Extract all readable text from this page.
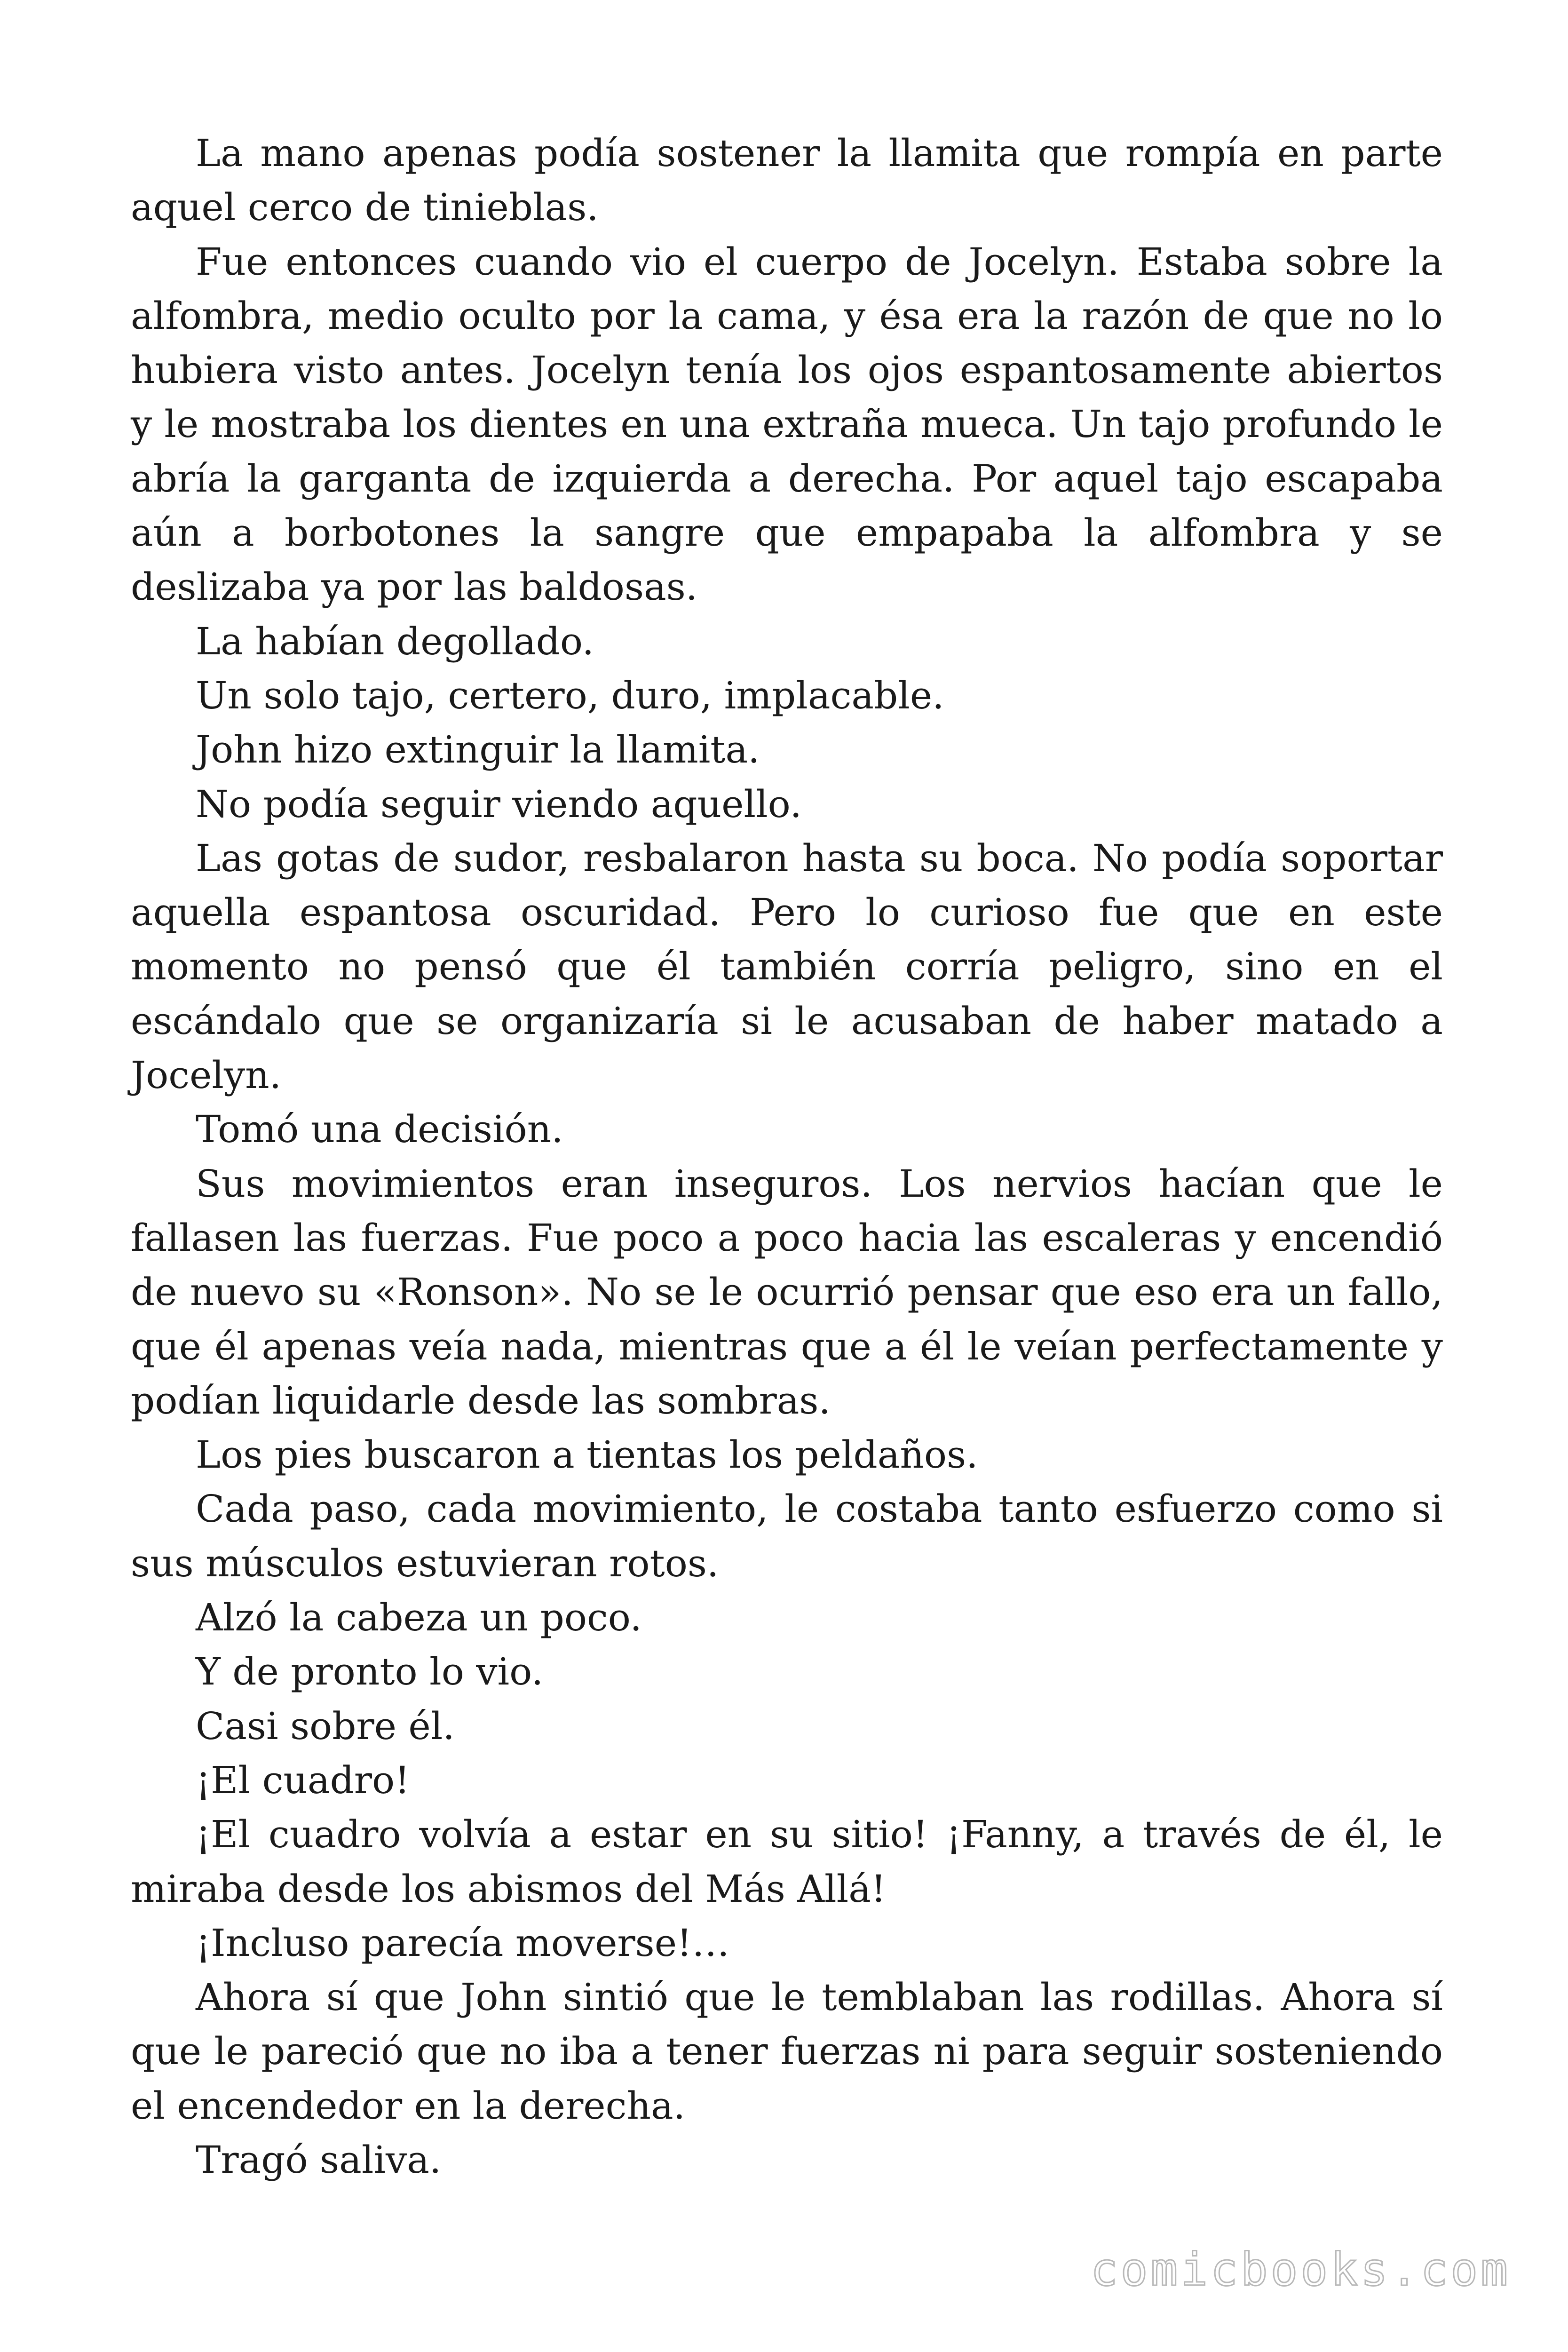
La mano apenas podía sostener la llamita que rompía en parte aquel cerco de tinieblas.

Fue entonces cuando vio el cuerpo de Jocelyn. Estaba sobre la alfombra, medio oculto por la cama, y ésa era la razón de que no lo hubiera visto antes. Jocelyn tenía los ojos espantosamente abiertos y le mostraba los dientes en una extraña mueca. Un tajo profundo le abría la garganta de izquierda a derecha. Por aquel tajo escapaba aún a borbotones la sangre que empapaba la alfombra y se deslizaba ya por las baldosas.

La habían degollado.

Un solo tajo, certero, duro, implacable.

John hizo extinguir la llamita.

No podía seguir viendo aquello.

Las gotas de sudor, resbalaron hasta su boca. No podía soportar aquella espantosa oscuridad. Pero lo curioso fue que en este momento no pensó que él también corría peligro, sino en el escándalo que se organizaría si le acusaban de haber matado a Jocelyn.

Tomó una decisión.

Sus movimientos eran inseguros. Los nervios hacían que le fallasen las fuerzas. Fue poco a poco hacia las escaleras y encendió de nuevo su «Ronson». No se le ocurrió pensar que eso era un fallo, que él apenas veía nada, mientras que a él le veían perfectamente y podían liquidarle desde las sombras.

Los pies buscaron a tientas los peldaños.

Cada paso, cada movimiento, le costaba tanto esfuerzo como si sus músculos estuvieran rotos.

Alzó la cabeza un poco.

Y de pronto lo vio.

Casi sobre él.

¡El cuadro!

¡El cuadro volvía a estar en su sitio! ¡Fanny, a través de él, le miraba desde los abismos del Más Allá!

¡Incluso parecía moverse!…

Ahora sí que John sintió que le temblaban las rodillas. Ahora sí que le pareció que no iba a tener fuerzas ni para seguir sosteniendo el encendedor en la derecha.

Tragó saliva.

comicbooks.com
